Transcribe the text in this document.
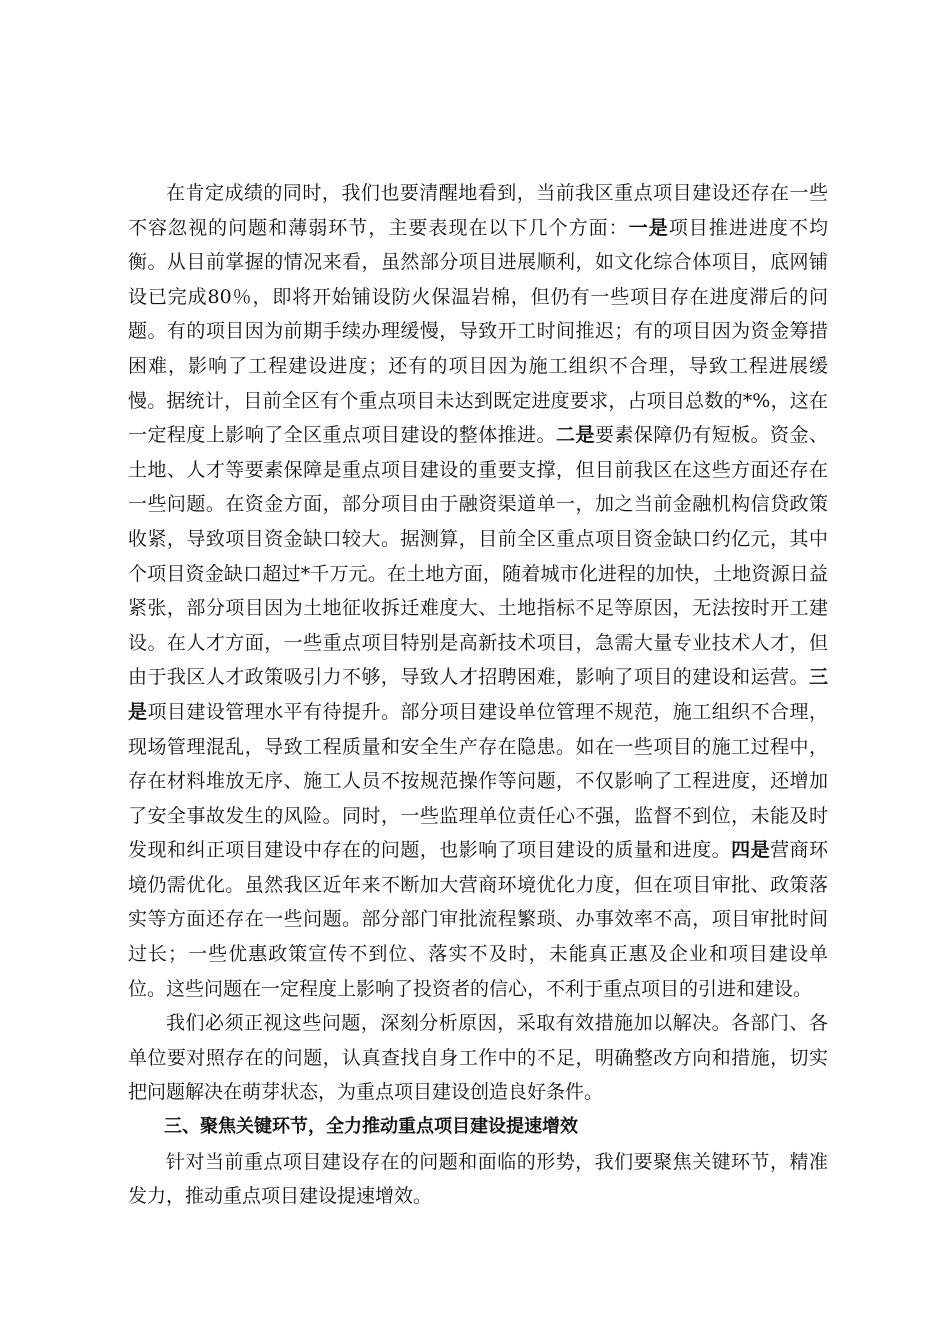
在肯定成绩的同时，我们也要清醒地看到，当前我区重点项目建设还存在一些不容忽视的问题和薄弱环节，主要表现在以下几个方面：一是项目推进进度不均衡。从目前掌握的情况来看，虽然部分项目进展顺利，如文化综合体项目，底网铺设已完成80％，即将开始铺设防火保温岩棉，但仍有一些项目存在进度滞后的问题。有的项目因为前期手续办理缓慢，导致开工时间推迟；有的项目因为资金筹措困难，影响了工程建设进度；还有的项目因为施工组织不合理，导致工程进展缓慢。据统计，目前全区有个重点项目未达到既定进度要求，占项目总数的*%，这在一定程度上影响了全区重点项目建设的整体推进。二是要素保障仍有短板。资金、土地、人才等要素保障是重点项目建设的重要支撑，但目前我区在这些方面还存在一些问题。在资金方面，部分项目由于融资渠道单一，加之当前金融机构信贷政策收紧，导致项目资金缺口较大。据测算，目前全区重点项目资金缺口约亿元，其中个项目资金缺口超过*千万元。在土地方面，随着城市化进程的加快，土地资源日益紧张，部分项目因为土地征收拆迁难度大、土地指标不足等原因，无法按时开工建设。在人才方面，一些重点项目特别是高新技术项目，急需大量专业技术人才，但由于我区人才政策吸引力不够，导致人才招聘困难，影响了项目的建设和运营。三是项目建设管理水平有待提升。部分项目建设单位管理不规范，施工组织不合理，现场管理混乱，导致工程质量和安全生产存在隐患。如在一些项目的施工过程中，存在材料堆放无序、施工人员不按规范操作等问题，不仅影响了工程进度，还增加了安全事故发生的风险。同时，一些监理单位责任心不强，监督不到位，未能及时发现和纠正项目建设中存在的问题，也影响了项目建设的质量和进度。四是营商环境仍需优化。虽然我区近年来不断加大营商环境优化力度，但在项目审批、政策落实等方面还存在一些问题。部分部门审批流程繁琐、办事效率不高，项目审批时间过长；一些优惠政策宣传不到位、落实不及时，未能真正惠及企业和项目建设单位。这些问题在一定程度上影响了投资者的信心，不利于重点项目的引进和建设。

我们必须正视这些问题，深刻分析原因，采取有效措施加以解决。各部门、各单位要对照存在的问题，认真查找自身工作中的不足，明确整改方向和措施，切实把问题解决在萌芽状态，为重点项目建设创造良好条件。

三、聚焦关键环节，全力推动重点项目建设提速增效

针对当前重点项目建设存在的问题和面临的形势，我们要聚焦关键环节，精准发力，推动重点项目建设提速增效。
